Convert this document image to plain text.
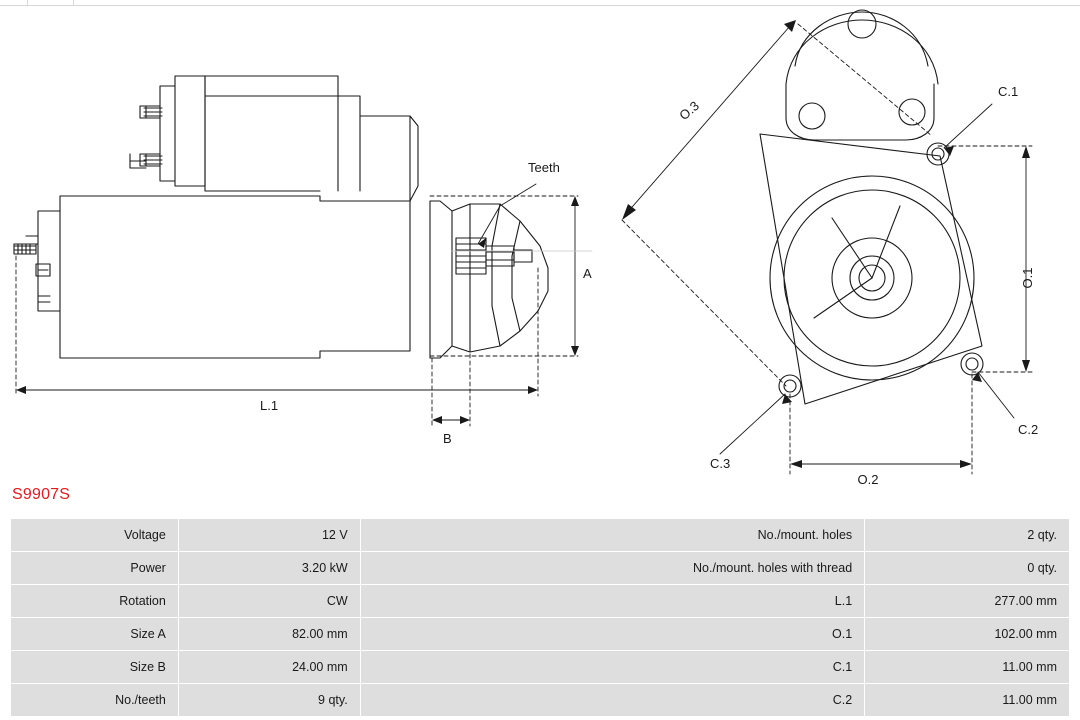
Teeth
A
B
L.1
C.1
C.2
C.3
O.1
O.2
O.3
S9907S
Voltage	12 V	No./mount. holes	2 qty.
Power	3.20 kW	No./mount. holes with thread	0 qty.
Rotation	CW	L.1	277.00 mm
Size A	82.00 mm	O.1	102.00 mm
Size B	24.00 mm	C.1	11.00 mm
No./teeth	9 qty.	C.2	11.00 mm
